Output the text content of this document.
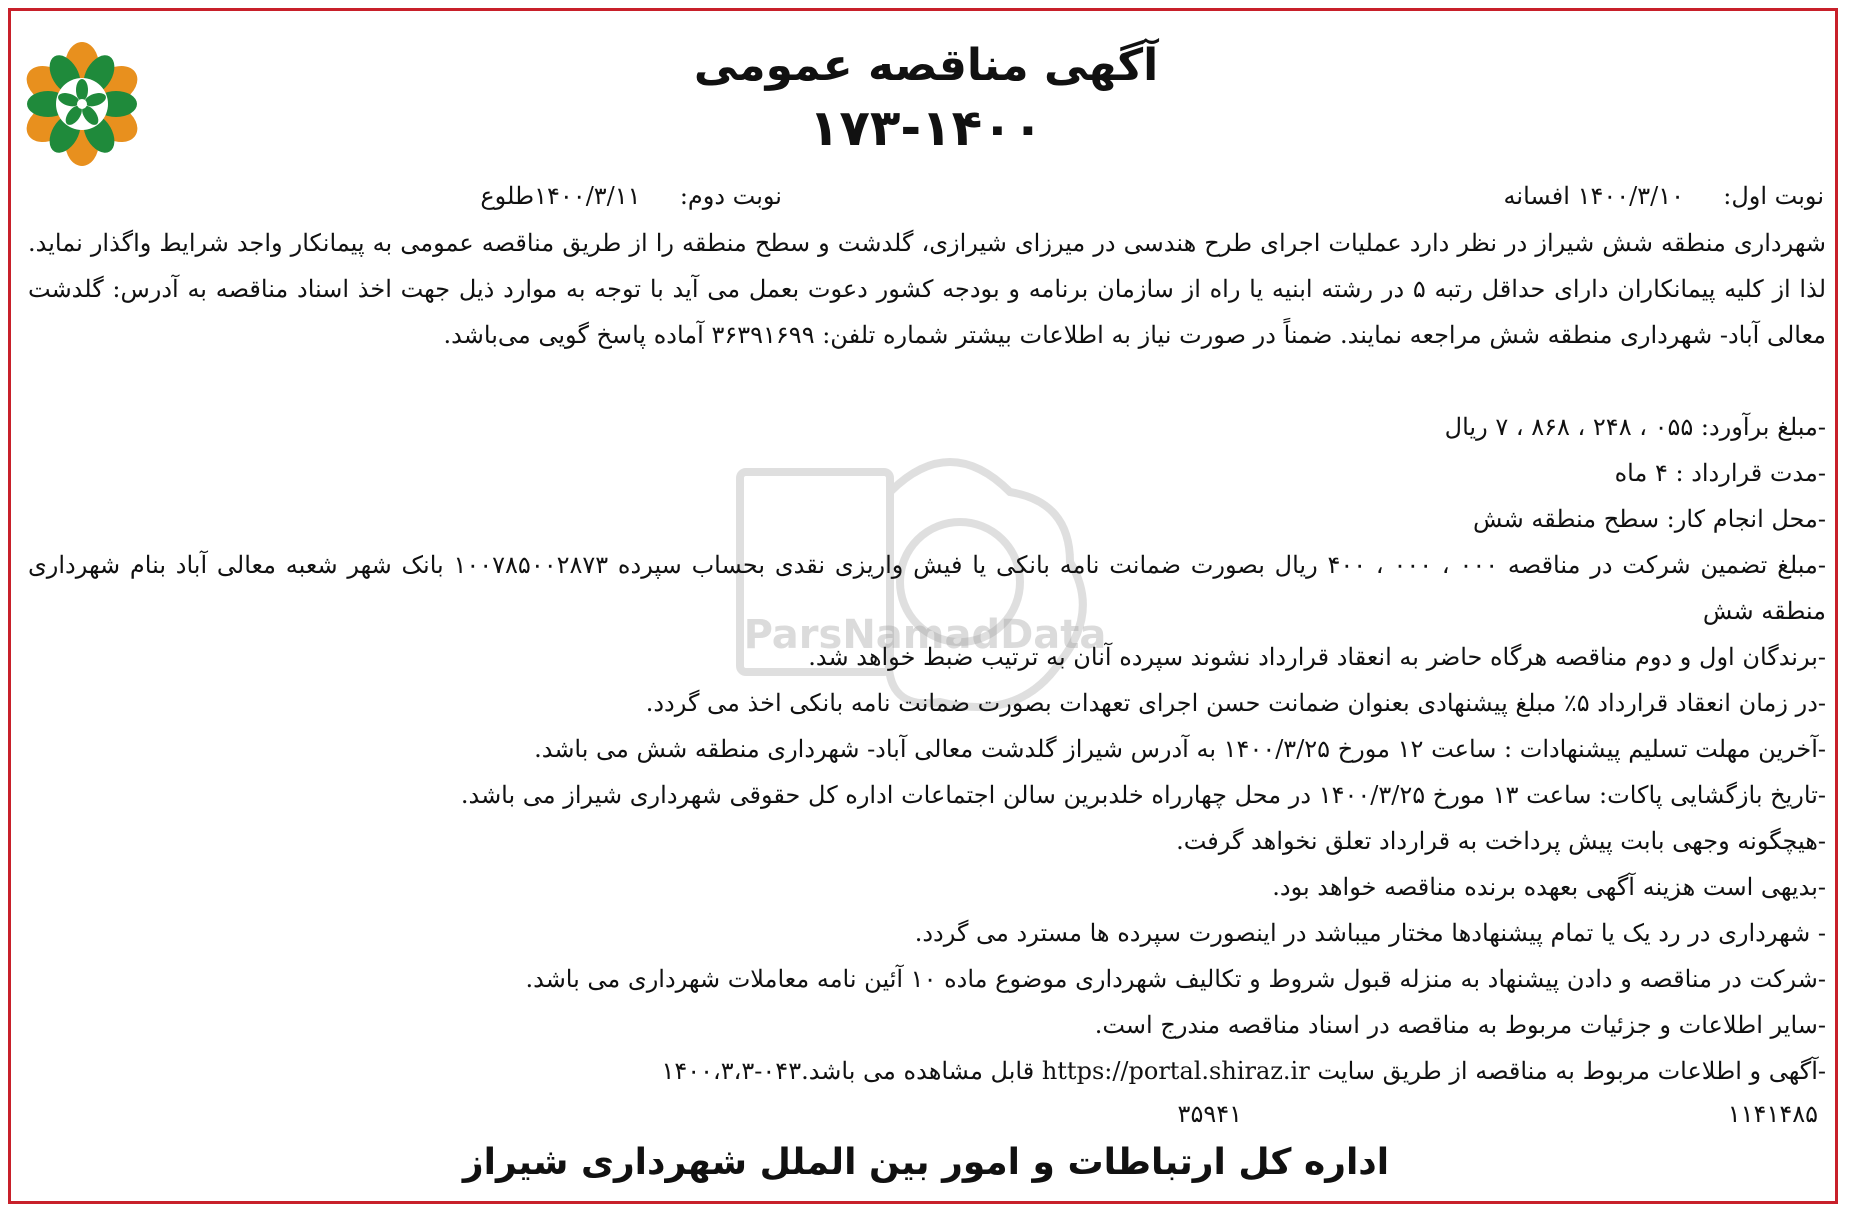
ParsNamadData
آگهی مناقصه عمومی
۱۷۳-۱۴۰۰
نوبت اول:  ۱۴۰۰/۳/۱۰ افسانه
نوبت دوم:  ۱۴۰۰/۳/۱۱طلوع

شهرداری منطقه شش شیراز در نظر دارد عملیات اجرای طرح هندسی در میرزای شیرازی، گلدشت و سطح منطقه را از طریق مناقصه عمومی به پیمانکار واجد شرایط واگذار نماید. لذا از کلیه پیمانکاران دارای حداقل رتبه ۵ در رشته ابنیه یا راه از سازمان برنامه و بودجه کشور دعوت بعمل می آید با توجه به موارد ذیل جهت اخذ اسناد مناقصه به آدرس: گلدشت معالی آباد- شهرداری منطقه شش مراجعه نمایند. ضمناً در صورت نیاز به اطلاعات بیشتر شماره تلفن: ۳۶۳۹۱۶۹۹ آماده پاسخ گویی می‌باشد.

-مبلغ برآورد: ۰۵۵ ، ۲۴۸ ، ۸۶۸ ، ۷ ریال
-مدت قرارداد : ۴ ماه
-محل انجام کار: سطح منطقه شش
-مبلغ تضمین شرکت در مناقصه ۰۰۰ ، ۰۰۰ ، ۴۰۰ ریال بصورت ضمانت نامه بانکی یا فیش واریزی نقدی بحساب سپرده ۱۰۰۷۸۵۰۰۲۸۷۳ بانک شهر شعبه معالی آباد بنام شهرداری منطقه شش
-برندگان اول و دوم مناقصه هرگاه حاضر به انعقاد قرارداد نشوند سپرده آنان به ترتیب ضبط خواهد شد.
-در زمان انعقاد قرارداد ۵٪ مبلغ پیشنهادی بعنوان ضمانت حسن اجرای تعهدات بصورت ضمانت نامه بانکی اخذ می گردد.
-آخرین مهلت تسلیم پیشنهادات : ساعت ۱۲ مورخ ۱۴۰۰/۳/۲۵ به آدرس شیراز گلدشت معالی آباد- شهرداری منطقه شش می باشد.
-تاریخ بازگشایی پاکات: ساعت ۱۳ مورخ ۱۴۰۰/۳/۲۵ در محل چهارراه خلدبرین سالن اجتماعات اداره کل حقوقی شهرداری شیراز می باشد.
-هیچگونه وجهی بابت پیش پرداخت به قرارداد تعلق نخواهد گرفت.
-بدیهی است هزینه آگهی بعهده برنده مناقصه خواهد بود.
- شهرداری در رد یک یا تمام پیشنهادها مختار میباشد در اینصورت سپرده ها مسترد می گردد.
-شرکت در مناقصه و دادن پیشنهاد به منزله قبول شروط و تکالیف شهرداری موضوع ماده ۱۰ آئین نامه معاملات شهرداری می باشد.
-سایر اطلاعات و جزئیات مربوط به مناقصه در اسناد مناقصه مندرج است.
-آگهی و اطلاعات مربوط به مناقصه از طریق سایت https://portal.shiraz.ir قابل مشاهده می باشد.۰۴۳-۱۴۰۰،۳،۳
۱۱۴۱۴۸۵
۳۵۹۴۱
اداره کل ارتباطات و امور بین الملل شهرداری شیراز
